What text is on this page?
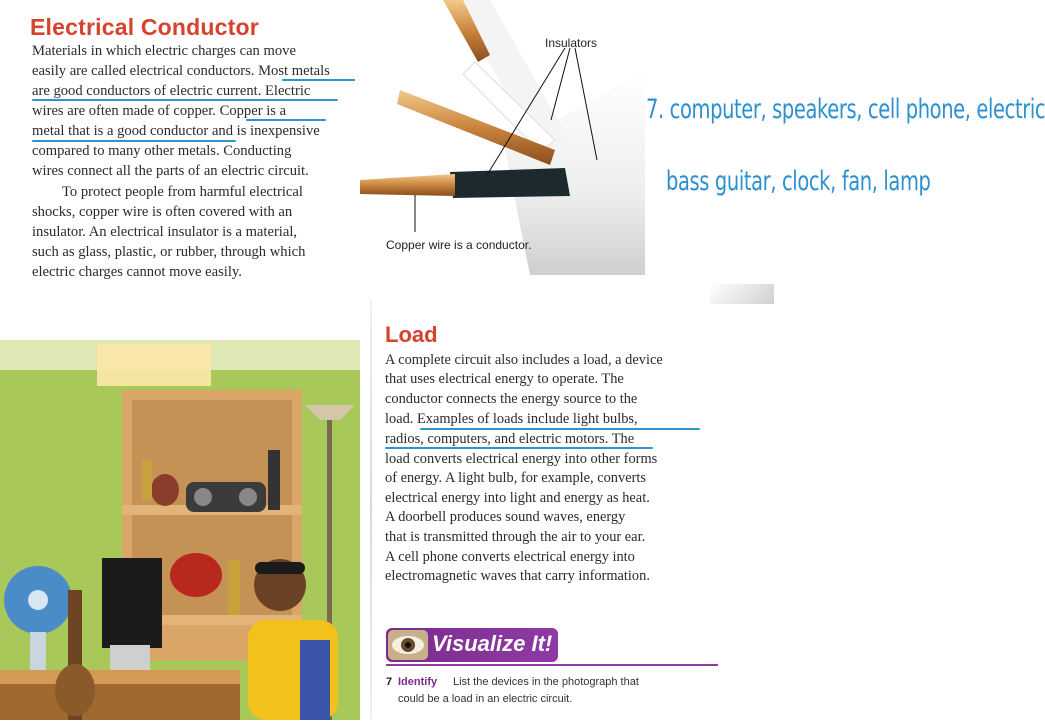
Electrical Conductor
Materials in which electric charges can move
easily are called electrical conductors. Most metals
are good conductors of electric current. Electric
wires are often made of copper. Copper is a
metal that is a good conductor and is inexpensive
compared to many other metals. Conducting
wires connect all the parts of an electric circuit.
To protect people from harmful electrical
shocks, copper wire is often covered with an
insulator. An electrical insulator is a material,
such as glass, plastic, or rubber, through which
electric charges cannot move easily.
Insulators
Copper wire is a conductor.
7. computer, speakers, cell phone, electric
bass guitar, clock, fan, lamp
Load
A complete circuit also includes a load, a device
that uses electrical energy to operate. The
conductor connects the energy source to the
load. Examples of loads include light bulbs,
radios, computers, and electric motors. The
load converts electrical energy into other forms
of energy. A light bulb, for example, converts
electrical energy into light and energy as heat.
A doorbell produces sound waves, energy
that is transmitted through the air to your ear.
A cell phone converts electrical energy into
electromagnetic waves that carry information.
Visualize It!
7 Identify List the devices in the photograph that
could be a load in an electric circuit.
